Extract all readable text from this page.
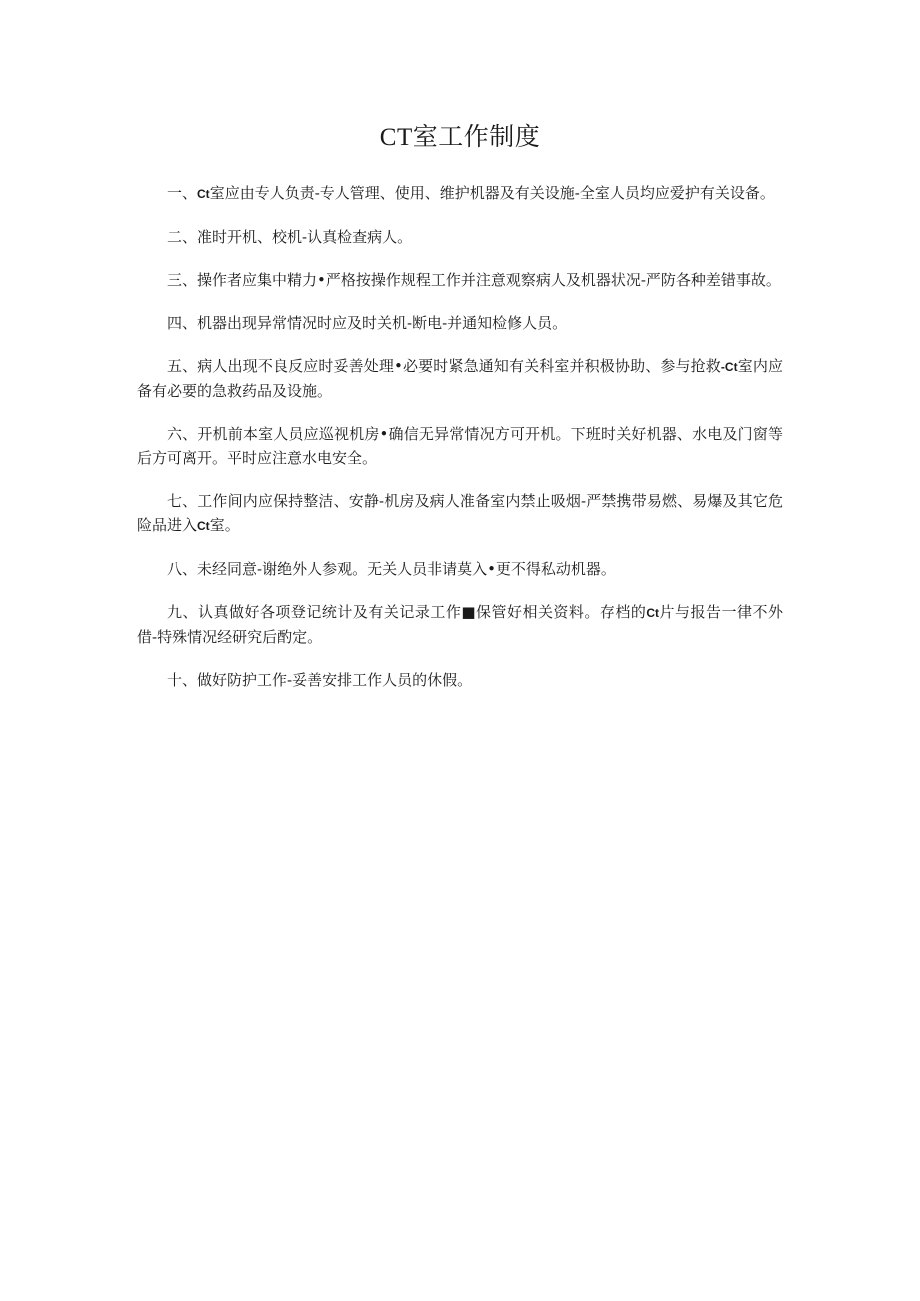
CT室工作制度

一、Ct室应由专人负责-专人管理、使用、维护机器及有关设施-全室人员均应爱护有关设备。

二、准时开机、校机-认真检查病人。

三、操作者应集中精力•严格按操作规程工作并注意观察病人及机器状况-严防各种差错事故。

四、机器出现异常情况时应及时关机-断电-并通知检修人员。

五、病人出现不良反应时妥善处理•必要时紧急通知有关科室并积极协助、参与抢救-Ct室内应备有必要的急救药品及设施。

六、开机前本室人员应巡视机房•确信无异常情况方可开机。下班时关好机器、水电及门窗等后方可离开。平时应注意水电安全。

七、工作间内应保持整洁、安静-机房及病人准备室内禁止吸烟-严禁携带易燃、易爆及其它危险品进入Ct室。

八、未经同意-谢绝外人参观。无关人员非请莫入•更不得私动机器。

九、认真做好各项登记统计及有关记录工作■保管好相关资料。存档的Ct片与报告一律不外借-特殊情况经研究后酌定。

十、做好防护工作-妥善安排工作人员的休假。
